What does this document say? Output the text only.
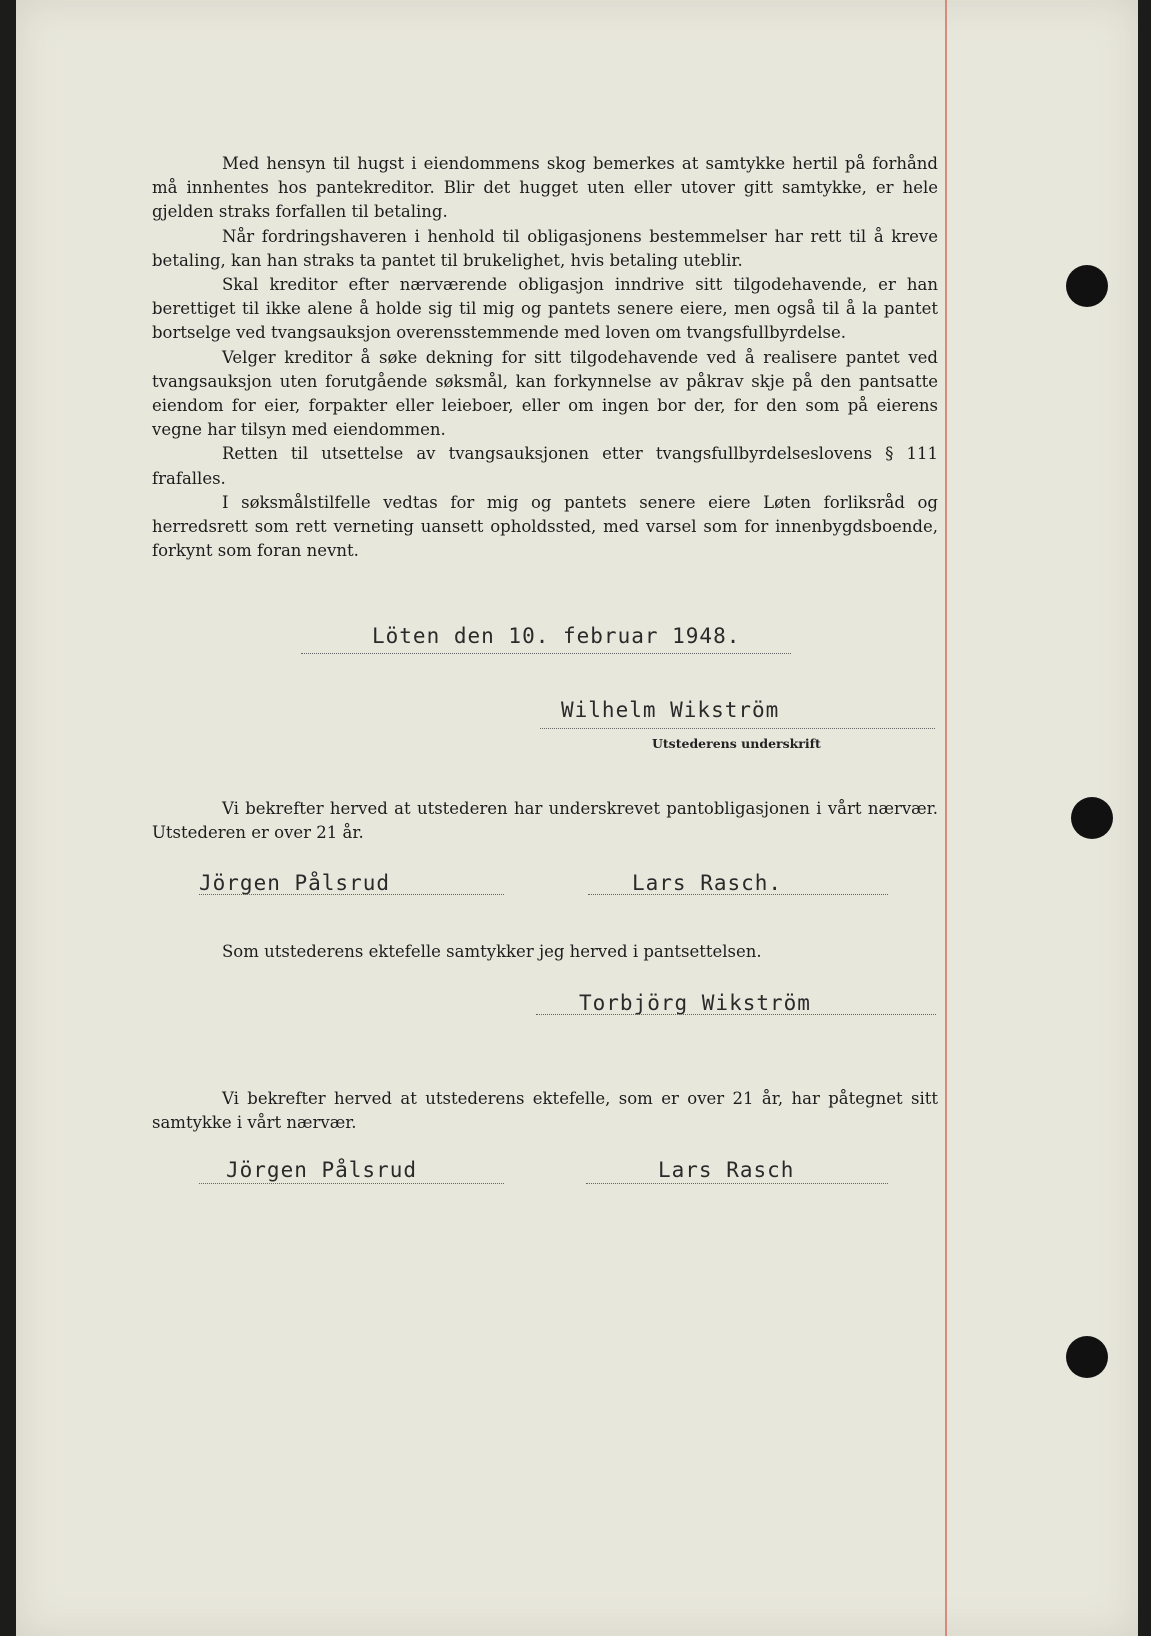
Med hensyn til hugst i eiendommens skog bemerkes at samtykke hertil på forhånd må innhentes hos pantekreditor. Blir det hugget uten eller utover gitt samtykke, er hele gjelden straks forfallen til betaling.

Når fordringshaveren i henhold til obligasjonens bestemmelser har rett til å kreve betaling, kan han straks ta pantet til brukelighet, hvis betaling uteblir.

Skal kreditor efter nærværende obligasjon inndrive sitt tilgodehavende, er han berettiget til ikke alene å holde sig til mig og pantets senere eiere, men også til å la pantet bortselge ved tvangsauksjon overensstemmende med loven om tvangsfullbyrdelse.

Velger kreditor å søke dekning for sitt tilgodehavende ved å realisere pantet ved tvangsauksjon uten forutgående søksmål, kan forkynnelse av påkrav skje på den pantsatte eiendom for eier, forpakter eller leieboer, eller om ingen bor der, for den som på eierens vegne har tilsyn med eiendommen.

Retten til utsettelse av tvangsauksjonen etter tvangsfullbyrdelseslovens § 111 frafalles.

I søksmålstilfelle vedtas for mig og pantets senere eiere Løten forliksråd og herredsrett som rett verneting uansett opholdssted, med varsel som for innenbygdsboende, forkynt som foran nevnt.

Löten den 10. februar 1948.
Wilhelm Wikström
Utstederens underskrift

Vi bekrefter herved at utstederen har underskrevet pantobligasjonen i vårt nærvær. Utstederen er over 21 år.

Jörgen Pålsrud	Lars Rasch.

Som utstederens ektefelle samtykker jeg herved i pantsettelsen.

Torbjörg Wikström

Vi bekrefter herved at utstederens ektefelle, som er over 21 år, har påtegnet sitt samtykke i vårt nærvær.

Jörgen Pålsrud	Lars Rasch
